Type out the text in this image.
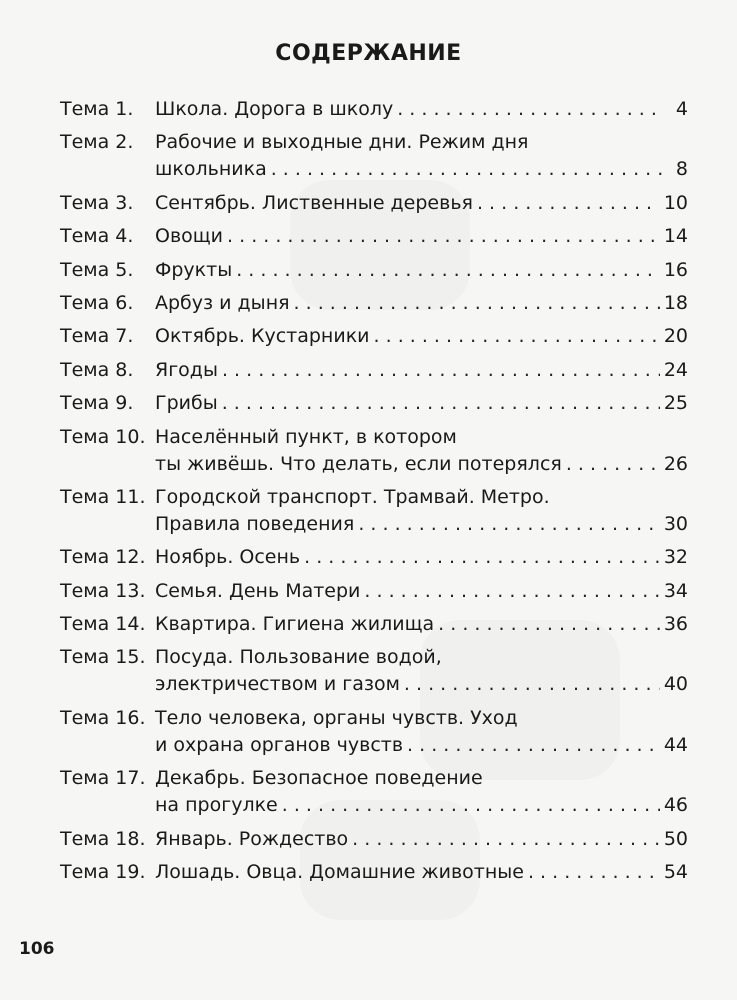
СОДЕРЖАНИЕ
Тема 1. Школа. Дорога в школу . . .	4
Тема 2. Рабочие и выходные дни. Режим дня
школьника . . .	8
Тема 3. Сентябрь. Лиственные деревья . . .	10
Тема 4. Овощи . . .	14
Тема 5. Фрукты . . .	16
Тема 6. Арбуз и дыня . . .	18
Тема 7. Октябрь. Кустарники . . .	20
Тема 8. Ягоды . . .	24
Тема 9. Грибы . . .	25
Тема 10. Населённый пункт, в котором
ты живёшь. Что делать, если потерялся . . .	26
Тема 11. Городской транспорт. Трамвай. Метро.
Правила поведения . . .	30
Тема 12. Ноябрь. Осень . . .	32
Тема 13. Семья. День Матери . . .	34
Тема 14. Квартира. Гигиена жилища . . .	36
Тема 15. Посуда. Пользование водой,
электричеством и газом . . .	40
Тема 16. Тело человека, органы чувств. Уход
и охрана органов чувств . . .	44
Тема 17. Декабрь. Безопасное поведение
на прогулке . . .	46
Тема 18. Январь. Рождество . . .	50
Тема 19. Лошадь. Овца. Домашние животные . . .	54
106
